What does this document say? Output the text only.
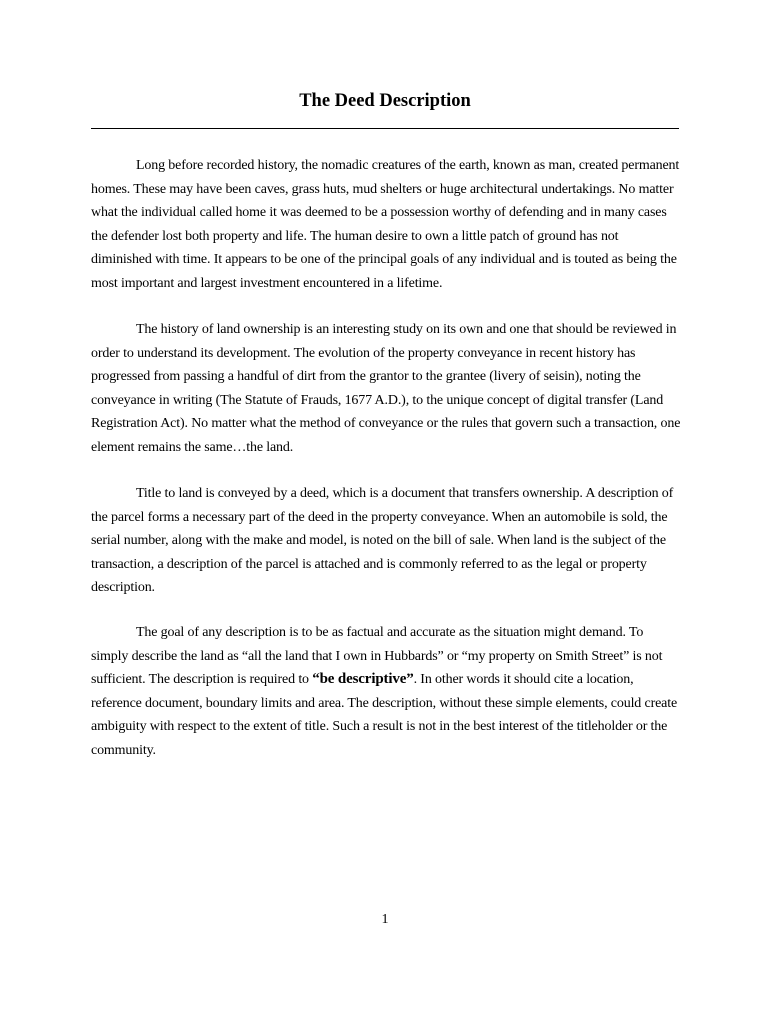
The Deed Description

Long before recorded history, the nomadic creatures of the earth, known as man, created permanent homes. These may have been caves, grass huts, mud shelters or huge architectural undertakings. No matter what the individual called home it was deemed to be a possession worthy of defending and in many cases the defender lost both property and life. The human desire to own a little patch of ground has not diminished with time. It appears to be one of the principal goals of any individual and is touted as being the most important and largest investment encountered in a lifetime.

The history of land ownership is an interesting study on its own and one that should be reviewed in order to understand its development. The evolution of the property conveyance in recent history has progressed from passing a handful of dirt from the grantor to the grantee (livery of seisin), noting the conveyance in writing (The Statute of Frauds, 1677 A.D.), to the unique concept of digital transfer (Land Registration Act). No matter what the method of conveyance or the rules that govern such a transaction, one element remains the same…the land.

Title to land is conveyed by a deed, which is a document that transfers ownership. A description of the parcel forms a necessary part of the deed in the property conveyance. When an automobile is sold, the serial number, along with the make and model, is noted on the bill of sale. When land is the subject of the transaction, a description of the parcel is attached and is commonly referred to as the legal or property description.

The goal of any description is to be as factual and accurate as the situation might demand. To simply describe the land as “all the land that I own in Hubbards” or “my property on Smith Street” is not sufficient. The description is required to “be descriptive”. In other words it should cite a location, reference document, boundary limits and area. The description, without these simple elements, could create ambiguity with respect to the extent of title. Such a result is not in the best interest of the titleholder or the community.

1
